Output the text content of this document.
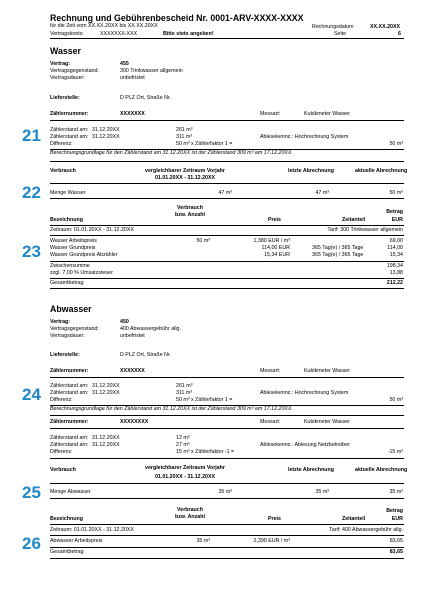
Rechnung und Gebührenbescheid Nr. 0001-ARV-XXXX-XXXX
für die Zeit vom XX.XX.20XX bis XX.XX.20XX
Vertragskonto	XXXXXXX-XXX	Bitte stets angeben!
Rechnungsdatum	XX.XX.20XX
Seite	6
Wasser
Vertrag:	455
Vertragsgegenstand:	300 Trinkwasser allgemein
Vertragsdauer:	unbefristet
Lieferstelle:	D PLZ Ort, Straße Nr.
Zählernummer:	XXXXXXX	Messart:	Kubikmeter Wasser
21 Zählerstand am: 31.12.20XX	261 m³
Zählerstand am: 31.12.20XX	311 m³	Ablesekennz.: Hochrechnung System
Differenz:	50 m³ x Zählerfaktor 1 =	50 m³
Berechnungsgrundlage für den Zählerstand am 31.12.20XX ist der Zählerstand 309 m³ am 17.12.20XX.
Verbrauch	vergleichbarer Zeitraum Vorjahr
01.01.20XX - 31.12.20XX
letzte Abrechnung	aktuelle Abrechnung
22 Menge Wasser	47 m³	47 m³	50 m³
Verbrauch
bzw. Anzahl
Bezeichnung	Preis	Zeitanteil
Betrag
EUR
Zeitraum: 01.01.20XX - 31.12.20XX	Tarif: 300 Trinkwasser allgemein
23
Wasser Arbeitspreis	50 m³	1,380 EUR / m³	69,00
Wasser Grundpreis	114,00 EUR	365 Tag(e) / 365 Tage	114,00
Wasser Grundpreis Abzähler	15,34 EUR	365 Tag(e) / 365 Tage	15,34
Zwischensumme	198,34
zzgl. 7,00 % Umsatzsteuer	13,88
Gesamtbetrag	212,22
Abwasser
Vertrag:	450
Vertragsgegenstand:	400 Abwassergebühr allg.
Vertragsdauer:	unbefristet
Lieferstelle:	D PLZ Ort, Straße Nr.
Zählernummer:	XXXXXXX	Messart:	Kubikmeter Wasser
24 Zählerstand am: 31.12.20XX	261 m³
Zählerstand am: 31.12.20XX	311 m³	Ablesekennz.: Hochrechnung System
Differenz:	50 m³ x Zählerfaktor 1 =	50 m³
Berechnungsgrundlage für den Zählerstand am 31.12.20XX ist der Zählerstand 309 m³ am 17.12.20XX.
Zählernummer:	XXXXXXXX	Messart:	Kubikmeter Wasser
Zählerstand am: 31.12.20XX	12 m³
Zählerstand am: 31.12.20XX	27 m³	Ablesekennz.: Ablesung Netzbetreiber
Differenz:	15 m³ x Zählerfaktor -1 =	-15 m³
Verbrauch	vergleichbarer Zeitraum Vorjahr
01.01.20XX - 31.12.20XX
letzte Abrechnung	aktuelle Abrechnung
25 Menge Abwasser	35 m³	35 m³	35 m³
Verbrauch
bzw. Anzahl
Bezeichnung	Preis	Zeitanteil
Betrag
EUR
Zeitraum: 01.01.20XX - 31.12.20XX	Tarif: 400 Abwassergebühr allg.
26 Abwasser Arbeitspreis	35 m³	2,390 EUR / m³	83,65
Gesamtbetrag	83,65
